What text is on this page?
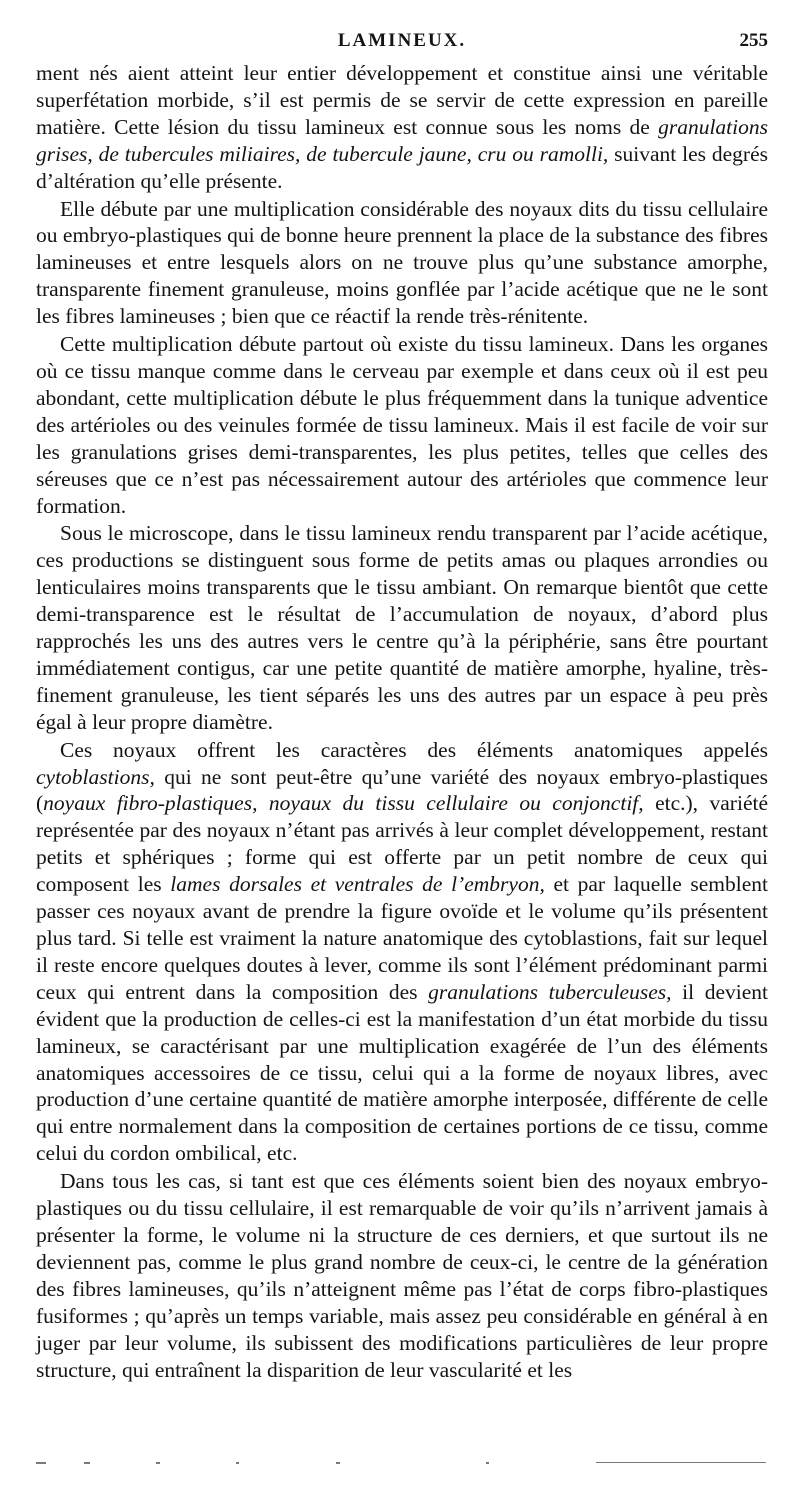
LAMINEUX.	255

ment nés aient atteint leur entier développement et constitue ainsi une véritable superfétation morbide, s’il est permis de se servir de cette expression en pareille matière. Cette lésion du tissu lamineux est connue sous les noms de granulations grises, de tubercules miliaires, de tubercule jaune, cru ou ramolli, suivant les degrés d’altération qu’elle présente.

Elle débute par une multiplication considérable des noyaux dits du tissu cellulaire ou embryo-plastiques qui de bonne heure prennent la place de la substance des fibres lamineuses et entre lesquels alors on ne trouve plus qu’une substance amorphe, transparente finement granuleuse, moins gonflée par l’acide acétique que ne le sont les fibres lamineuses ; bien que ce réactif la rende très-rénitente.

Cette multiplication débute partout où existe du tissu lamineux. Dans les organes où ce tissu manque comme dans le cerveau par exemple et dans ceux où il est peu abondant, cette multiplication débute le plus fréquemment dans la tunique adventice des artérioles ou des veinules formée de tissu lamineux. Mais il est facile de voir sur les granulations grises demi-transparentes, les plus petites, telles que celles des séreuses que ce n’est pas nécessairement autour des artérioles que commence leur formation.

Sous le microscope, dans le tissu lamineux rendu transparent par l’acide acétique, ces productions se distinguent sous forme de petits amas ou plaques arrondies ou lenticulaires moins transparents que le tissu ambiant. On remarque bientôt que cette demi-transparence est le résultat de l’accumulation de noyaux, d’abord plus rapprochés les uns des autres vers le centre qu’à la périphérie, sans être pourtant immédiatement contigus, car une petite quantité de matière amorphe, hyaline, très-finement granuleuse, les tient séparés les uns des autres par un espace à peu près égal à leur propre diamètre.

Ces noyaux offrent les caractères des éléments anatomiques appelés cytoblastions, qui ne sont peut-être qu’une variété des noyaux embryo-plastiques (noyaux fibro-plastiques, noyaux du tissu cellulaire ou conjonctif, etc.), variété représentée par des noyaux n’étant pas arrivés à leur complet développement, restant petits et sphériques ; forme qui est offerte par un petit nombre de ceux qui composent les lames dorsales et ventrales de l’embryon, et par laquelle semblent passer ces noyaux avant de prendre la figure ovoïde et le volume qu’ils présentent plus tard. Si telle est vraiment la nature anatomique des cytoblastions, fait sur lequel il reste encore quelques doutes à lever, comme ils sont l’élément prédominant parmi ceux qui entrent dans la composition des granulations tuberculeuses, il devient évident que la production de celles-ci est la manifestation d’un état morbide du tissu lamineux, se caractérisant par une multiplication exagérée de l’un des éléments anatomiques accessoires de ce tissu, celui qui a la forme de noyaux libres, avec production d’une certaine quantité de matière amorphe interposée, différente de celle qui entre normalement dans la composition de certaines portions de ce tissu, comme celui du cordon ombilical, etc.

Dans tous les cas, si tant est que ces éléments soient bien des noyaux embryo-plastiques ou du tissu cellulaire, il est remarquable de voir qu’ils n’arrivent jamais à présenter la forme, le volume ni la structure de ces derniers, et que surtout ils ne deviennent pas, comme le plus grand nombre de ceux-ci, le centre de la génération des fibres lamineuses, qu’ils n’atteignent même pas l’état de corps fibro-plastiques fusiformes ; qu’après un temps variable, mais assez peu considérable en général à en juger par leur volume, ils subissent des modifications particulières de leur propre structure, qui entraînent la disparition de leur vascularité et les
